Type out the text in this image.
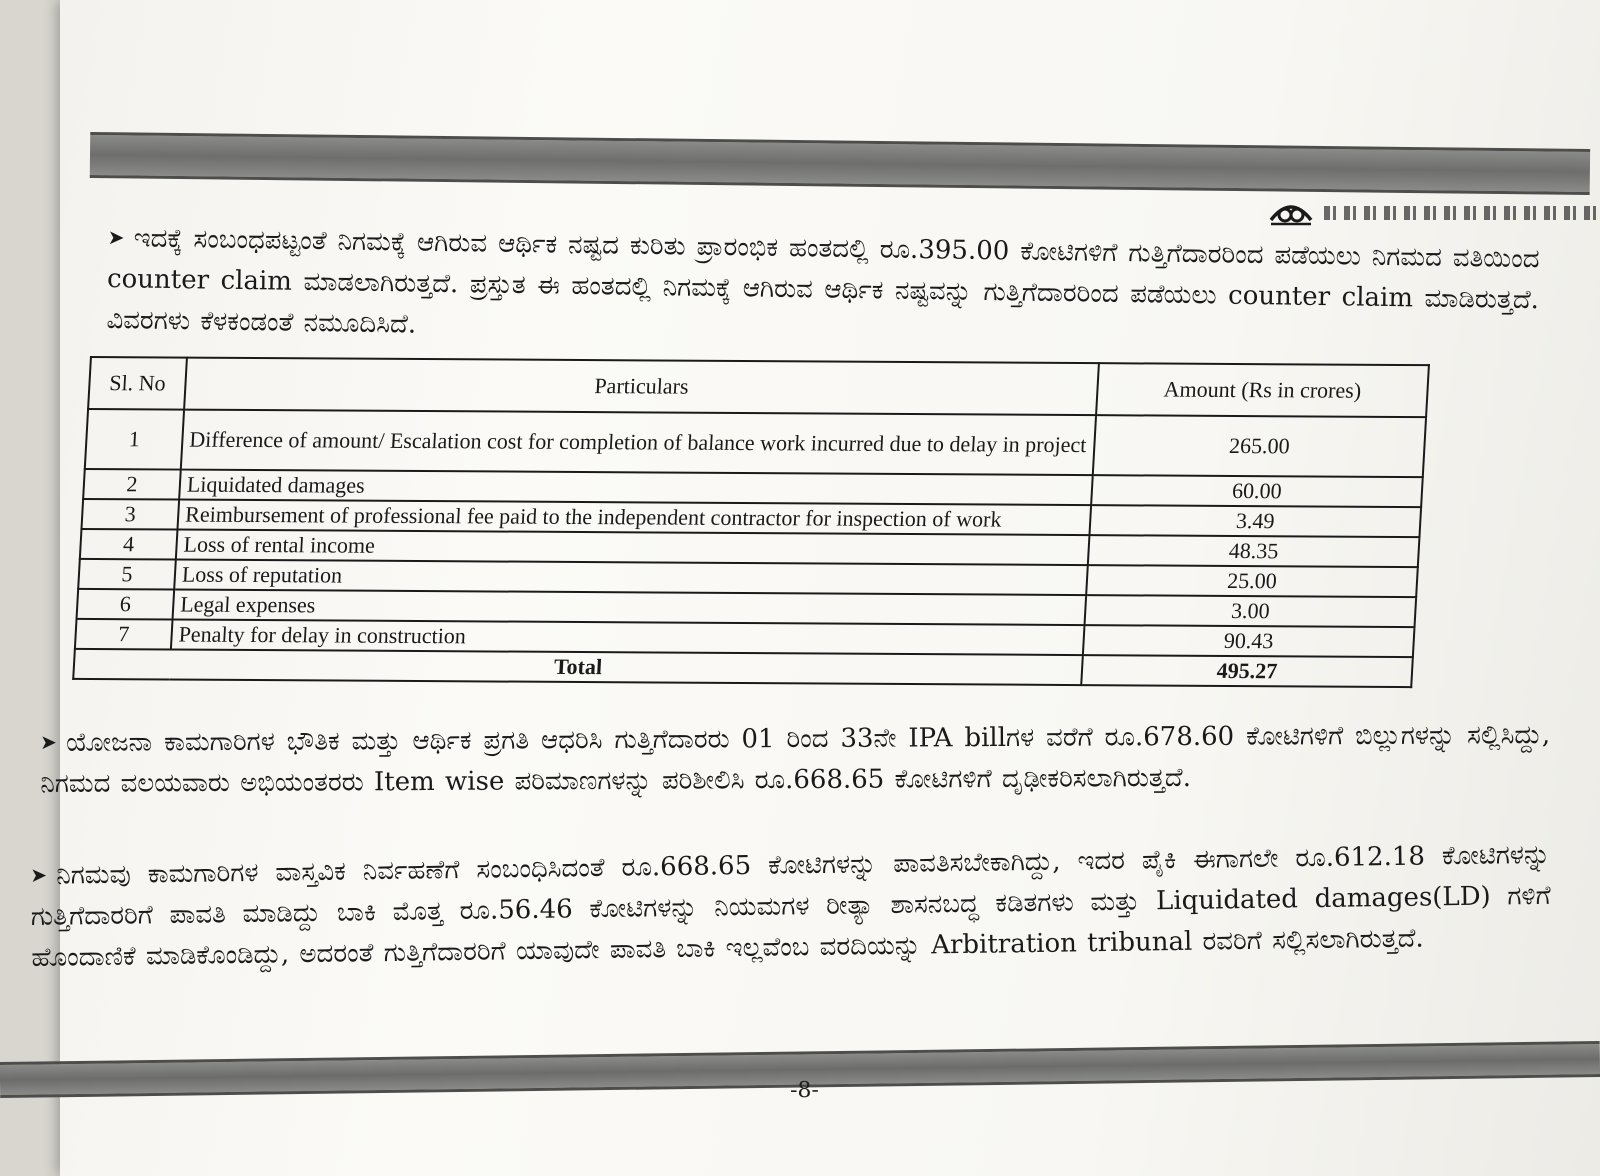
➤ ಇದಕ್ಕೆ ಸಂಬಂಧಪಟ್ಟಂತೆ ನಿಗಮಕ್ಕೆ ಆಗಿರುವ ಆರ್ಥಿಕ ನಷ್ಟದ ಕುರಿತು ಪ್ರಾರಂಭಿಕ ಹಂತದಲ್ಲಿ ರೂ.395.00 ಕೋಟಿಗಳಿಗೆ ಗುತ್ತಿಗೆದಾರರಿಂದ ಪಡೆಯಲು ನಿಗಮದ ವತಿಯಿಂದ counter claim ಮಾಡಲಾಗಿರುತ್ತದೆ. ಪ್ರಸ್ತುತ ಈ ಹಂತದಲ್ಲಿ ನಿಗಮಕ್ಕೆ ಆಗಿರುವ ಆರ್ಥಿಕ ನಷ್ಟವನ್ನು ಗುತ್ತಿಗೆದಾರರಿಂದ ಪಡೆಯಲು counter claim ಮಾಡಿರುತ್ತದೆ. ವಿವರಗಳು ಕೆಳಕಂಡಂತೆ ನಮೂದಿಸಿದೆ.
Sl. No	Particulars	Amount (Rs in crores)
1	Difference of amount/ Escalation cost for completion of balance work incurred due to delay in project	265.00
2	Liquidated damages	60.00
3	Reimbursement of professional fee paid to the independent contractor for inspection of work	3.49
4	Loss of rental income	48.35
5	Loss of reputation	25.00
6	Legal expenses	3.00
7	Penalty for delay in construction	90.43
Total		495.27
➤ ಯೋಜನಾ ಕಾಮಗಾರಿಗಳ ಭೌತಿಕ ಮತ್ತು ಆರ್ಥಿಕ ಪ್ರಗತಿ ಆಧರಿಸಿ ಗುತ್ತಿಗೆದಾರರು 01 ರಿಂದ 33ನೇ IPA billಗಳ ವರೆಗೆ ರೂ.678.60 ಕೋಟಿಗಳಿಗೆ ಬಿಲ್ಲುಗಳನ್ನು ಸಲ್ಲಿಸಿದ್ದು, ನಿಗಮದ ವಲಯವಾರು ಅಭಿಯಂತರರು Item wise ಪರಿಮಾಣಗಳನ್ನು ಪರಿಶೀಲಿಸಿ ರೂ.668.65 ಕೋಟಿಗಳಿಗೆ ದೃಢೀಕರಿಸಲಾಗಿರುತ್ತದೆ.
➤ ನಿಗಮವು ಕಾಮಗಾರಿಗಳ ವಾಸ್ತವಿಕ ನಿರ್ವಹಣೆಗೆ ಸಂಬಂಧಿಸಿದಂತೆ ರೂ.668.65 ಕೋಟಿಗಳನ್ನು ಪಾವತಿಸಬೇಕಾಗಿದ್ದು, ಇದರ ಪೈಕಿ ಈಗಾಗಲೇ ರೂ.612.18 ಕೋಟಿಗಳನ್ನು ಗುತ್ತಿಗೆದಾರರಿಗೆ ಪಾವತಿ ಮಾಡಿದ್ದು ಬಾಕಿ ಮೊತ್ತ ರೂ.56.46 ಕೋಟಿಗಳನ್ನು ನಿಯಮಗಳ ರೀತ್ಯಾ ಶಾಸನಬದ್ಧ ಕಡಿತಗಳು ಮತ್ತು Liquidated damages(LD) ಗಳಿಗೆ ಹೊಂದಾಣಿಕೆ ಮಾಡಿಕೊಂಡಿದ್ದು, ಅದರಂತೆ ಗುತ್ತಿಗೆದಾರರಿಗೆ ಯಾವುದೇ ಪಾವತಿ ಬಾಕಿ ಇಲ್ಲವೆಂಬ ವರದಿಯನ್ನು Arbitration tribunal ರವರಿಗೆ ಸಲ್ಲಿಸಲಾಗಿರುತ್ತದೆ.
-8-
